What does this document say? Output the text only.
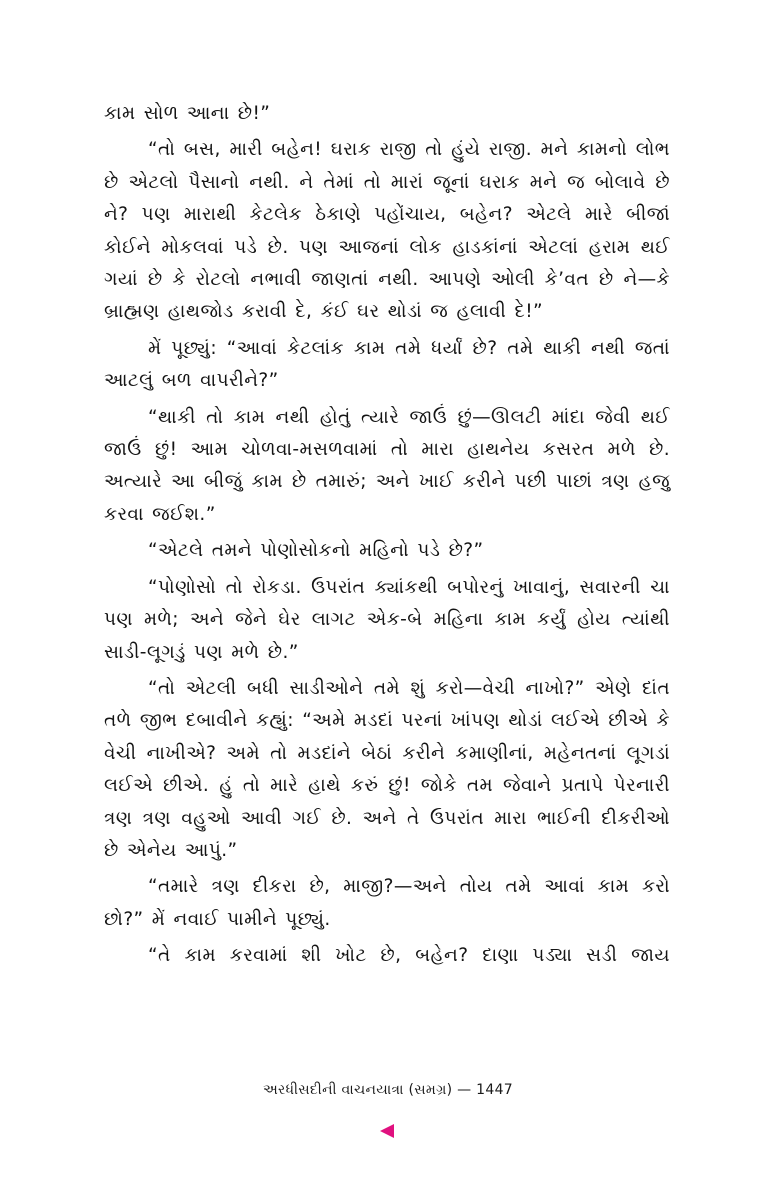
કામ સોળ આના છે!”

“તો બસ, મારી બહેન! ઘરાક રાજી તો હુંયે રાજી. મને કામનો લોભ છે એટલો પૈસાનો નથી. ને તેમાં તો મારાં જૂનાં ઘરાક મને જ બોલાવે છે ને? પણ મારાથી કેટલેક ઠેકાણે પહોંચાય, બહેન? એટલે મારે બીજાં કોઈને મોકલવાં પડે છે. પણ આજનાં લોક હાડકાંનાં એટલાં હરામ થઈ ગયાં છે કે રોટલો નભાવી જાણતાં નથી. આપણે ઓલી કે’વત છે ને—કે બ્રાહ્મણ હાથજોડ કરાવી દે, કંઈ ઘર થોડાં જ હલાવી દે!”

મેં પૂછ્યું: “આવાં કેટલાંક કામ તમે ધર્યાં છે? તમે થાકી નથી જતાં આટલું બળ વાપરીને?”

“થાકી તો કામ નથી હોતું ત્યારે જાઉં છું—ઊલટી માંદા જેવી થઈ જાઉં છું! આમ ચોળવા-મસળવામાં તો મારા હાથનેય કસરત મળે છે. અત્યારે આ બીજું કામ છે તમારું; અને ખાઈ કરીને પછી પાછાં ત્રણ હજુ કરવા જઈશ.”

“એટલે તમને પોણોસોકનો મહિનો પડે છે?”

“પોણોસો તો રોકડા. ઉપરાંત ક્યાંકથી બપોરનું ખાવાનું, સવારની ચા પણ મળે; અને જેને ઘેર લાગટ એક-બે મહિના કામ કર્યું હોય ત્યાંથી સાડી-લૂગડું પણ મળે છે.”

“તો એટલી બધી સાડીઓને તમે શું કરો—વેચી નાખો?” એણે દાંત તળે જીભ દબાવીને કહ્યું: “અમે મડદાં પરનાં ખાંપણ થોડાં લઈએ છીએ કે વેચી નાખીએ? અમે તો મડદાંને બેઠાં કરીને કમાણીનાં, મહેનતનાં લૂગડાં લઈએ છીએ. હું તો મારે હાથે કરું છું! જોકે તમ જેવાને પ્રતાપે પેરનારી ત્રણ ત્રણ વહુઓ આવી ગઈ છે. અને તે ઉપરાંત મારા ભાઈની દીકરીઓ છે એનેય આપું.”

“તમારે ત્રણ દીકરા છે, માજી?—અને તોય તમે આવાં કામ કરો છો?” મેં નવાઈ પામીને પૂછ્યું.

“તે કામ કરવામાં શી ખોટ છે, બહેન? દાણા પડ્યા સડી જાય

અરધીસદીની વાચનયાત્રા (સમગ્ર) — 1447
